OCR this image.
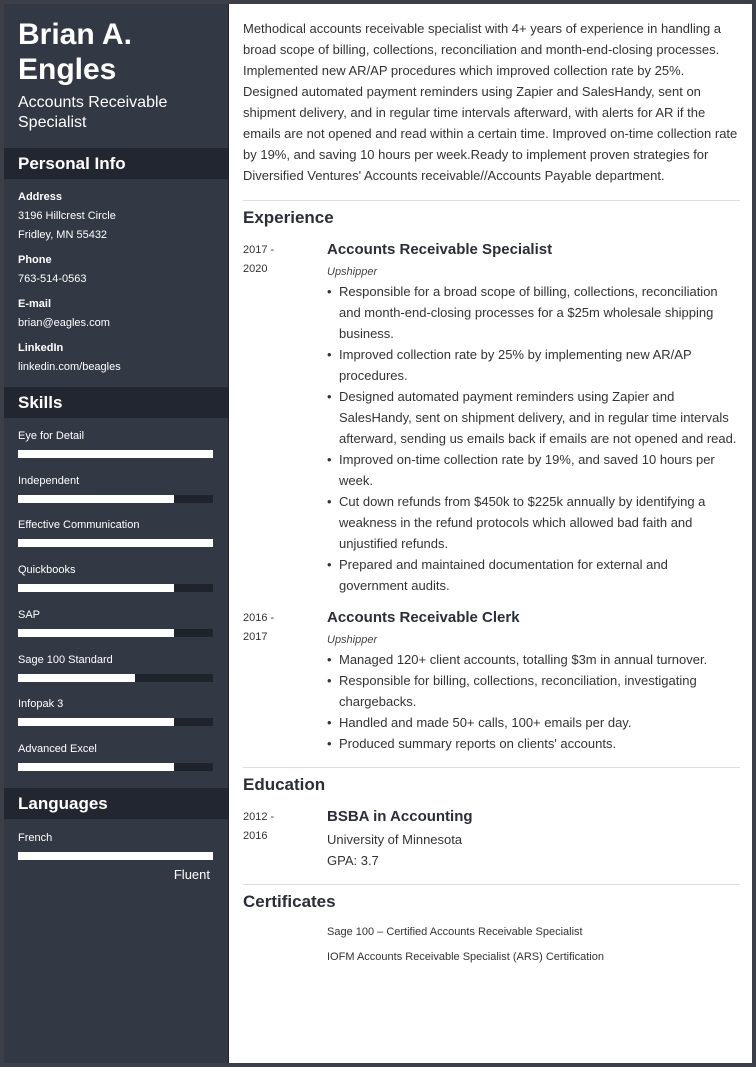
Brian A. Engles
Accounts Receivable Specialist
Personal Info
Address
3196 Hillcrest Circle
Fridley, MN 55432
Phone
763-514-0563
E-mail
brian@eagles.com
LinkedIn
linkedin.com/beagles
Skills
Eye for Detail
Independent
Effective Communication
Quickbooks
SAP
Sage 100 Standard
Infopak 3
Advanced Excel
Languages
French
Fluent
Methodical accounts receivable specialist with 4+ years of experience in handling a broad scope of billing, collections, reconciliation and month-end-closing processes. Implemented new AR/AP procedures which improved collection rate by 25%. Designed automated payment reminders using Zapier and SalesHandy, sent on shipment delivery, and in regular time intervals afterward, with alerts for AR if the emails are not opened and read within a certain time. Improved on-time collection rate by 19%, and saving 10 hours per week.Ready to implement proven strategies for Diversified Ventures' Accounts receivable//Accounts Payable department.
Experience
2017 -
2020
Accounts Receivable Specialist
Upshipper
• Responsible for a broad scope of billing, collections, reconciliation and month-end-closing processes for a $25m wholesale shipping business.
• Improved collection rate by 25% by implementing new AR/AP procedures.
• Designed automated payment reminders using Zapier and SalesHandy, sent on shipment delivery, and in regular time intervals afterward, sending us emails back if emails are not opened and read.
• Improved on-time collection rate by 19%, and saved 10 hours per week.
• Cut down refunds from $450k to $225k annually by identifying a weakness in the refund protocols which allowed bad faith and unjustified refunds.
• Prepared and maintained documentation for external and government audits.
2016 -
2017
Accounts Receivable Clerk
Upshipper
• Managed 120+ client accounts, totalling $3m in annual turnover.
• Responsible for billing, collections, reconciliation, investigating chargebacks.
• Handled and made 50+ calls, 100+ emails per day.
• Produced summary reports on clients' accounts.
Education
2012 -
2016
BSBA in Accounting
University of Minnesota
GPA: 3.7
Certificates
Sage 100 – Certified Accounts Receivable Specialist
IOFM Accounts Receivable Specialist (ARS) Certification
